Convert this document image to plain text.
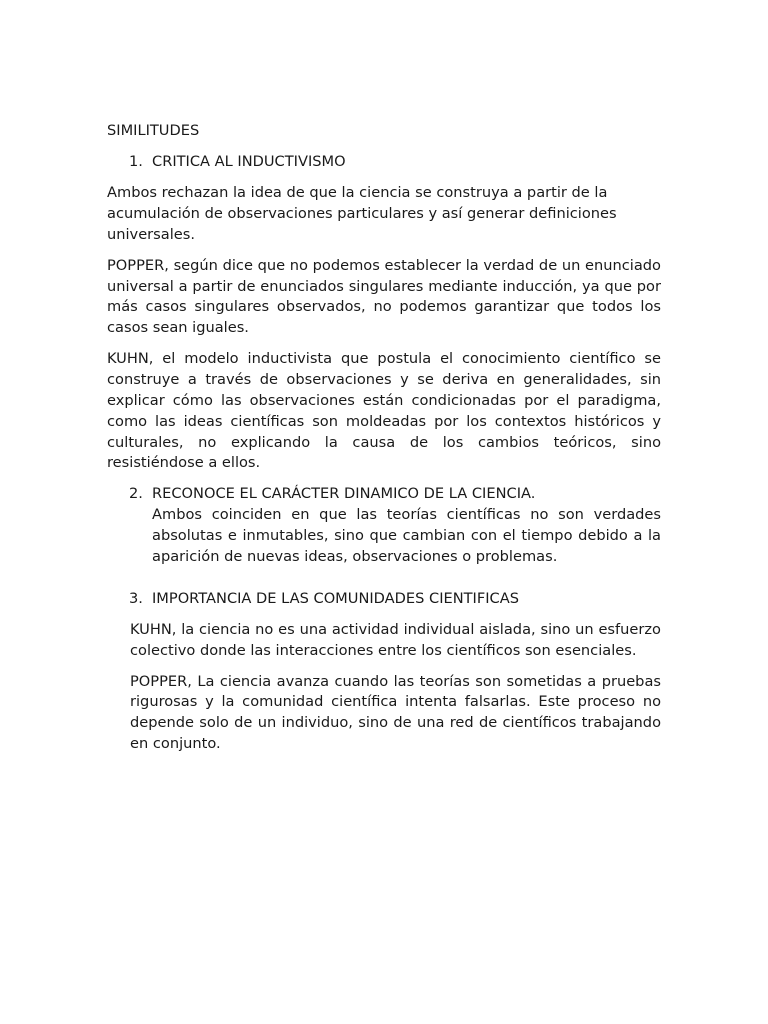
SIMILITUDES

1. CRITICA AL INDUCTIVISMO

Ambos rechazan la idea de que la ciencia se construya a partir de la acumulación de observaciones particulares y así generar definiciones universales.

POPPER, según dice que no podemos establecer la verdad de un enunciado universal a partir de enunciados singulares mediante inducción, ya que por más casos singulares observados, no podemos garantizar que todos los casos sean iguales.

KUHN, el modelo inductivista que postula el conocimiento científico se construye a través de observaciones y se deriva en generalidades, sin explicar cómo las observaciones están condicionadas por el paradigma, como las ideas científicas son moldeadas por los contextos históricos y culturales, no explicando la causa de los cambios teóricos, sino resistiéndose a ellos.

2. RECONOCE EL CARÁCTER DINAMICO DE LA CIENCIA.
Ambos coinciden en que las teorías científicas no son verdades absolutas e inmutables, sino que cambian con el tiempo debido a la aparición de nuevas ideas, observaciones o problemas.
3. IMPORTANCIA DE LAS COMUNIDADES CIENTIFICAS

KUHN, la ciencia no es una actividad individual aislada, sino un esfuerzo colectivo donde las interacciones entre los científicos son esenciales.

POPPER, La ciencia avanza cuando las teorías son sometidas a pruebas rigurosas y la comunidad científica intenta falsarlas. Este proceso no depende solo de un individuo, sino de una red de científicos trabajando en conjunto.
